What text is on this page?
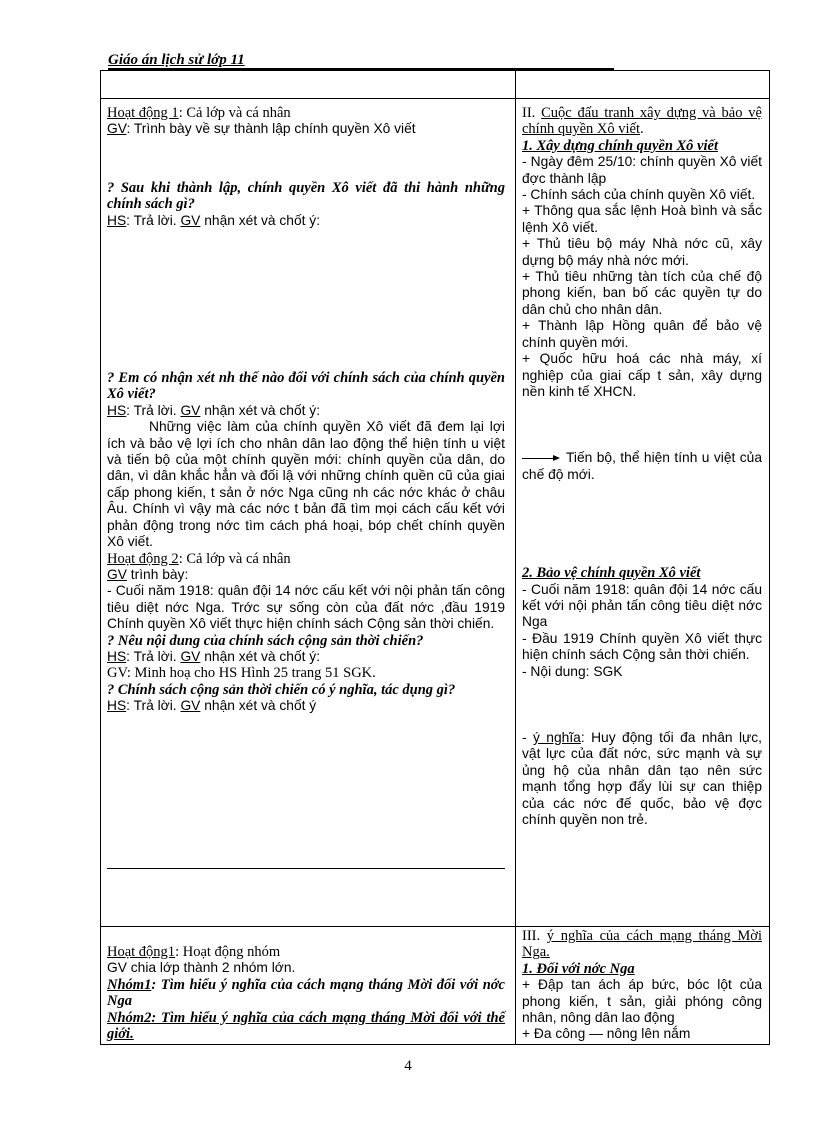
Giáo án lịch sử lớp 11

Hoạt động 1: Cả lớp và cá nhân

GV: Trình bày về sự thành lập chính quyền Xô viết

? Sau khi thành lập, chính quyền Xô viết đã thi hành những chính sách gì?

HS: Trả lời. GV nhận xét và chốt ý:

? Em có nhận xét nh thế nào đối với chính sách của chính quyền Xô viết?

HS: Trả lời. GV nhận xét và chốt ý:

Những việc làm của chính quyền Xô viết đã đem lại lợi ích và bảo vệ lợi ích cho nhân dân lao động thể hiện tính u việt và tiến bộ của một chính quyền mới: chính quyền của dân, do dân, vì dân khắc hẳn và đối lậ với những chính quền cũ của giai cấp phong kiến, t sản ở nớc Nga cũng nh các nớc khác ở châu Âu. Chính vì vậy mà các nớc t bản đã tìm mọi cách cấu kết với phản động trong nớc tìm cách phá hoại, bóp chết chính quyền Xô viết.

Hoạt động 2: Cả lớp và cá nhân

GV trình bày:

- Cuối năm 1918: quân đội 14 nớc cấu kết với nội phản tấn công tiêu diệt nớc Nga. Trớc sự sống còn của đất nớc ,đầu 1919 Chính quyền Xô viết thực hiện chính sách Cộng sản thời chiến.

? Nêu nội dung của chính sách cộng sản thời chiến?

HS: Trả lời. GV nhận xét và chốt ý:

GV: Minh hoạ cho HS Hình 25 trang 51 SGK.

? Chính sách cộng sản thời chiến có ý nghĩa, tác dụng gì?

HS: Trả lời. GV nhận xét và chốt ý

Hoạt động1: Hoạt động nhóm

GV chia lớp thành 2 nhóm lớn.

Nhóm1: Tìm hiểu ý nghĩa của cách mạng tháng Mời đối với nớc Nga

Nhóm2: Tìm hiểu ý nghĩa của cách mạng tháng Mời đối với thế giới.

II. Cuộc đấu tranh xây dựng và bảo vệ chính quyền Xô viết.

1. Xây dựng chính quyền Xô viết

- Ngày đêm 25/10: chính quyền Xô viết đợc thành lập

- Chính sách của chính quyền Xô viết.

+ Thông qua sắc lệnh Hoà bình và sắc lệnh Xô viết.

+ Thủ tiêu bộ máy Nhà nớc cũ, xây dựng bộ máy nhà nớc mới.

+ Thủ tiêu những tàn tích của chế độ phong kiến, ban bố các quyền tự do dân chủ cho nhân dân.

+ Thành lập Hồng quân để bảo vệ chính quyền mới.

+ Quốc hữu hoá các nhà máy, xí nghiệp của giai cấp t sản, xây dựng nền kinh tế XHCN.

Tiến bộ, thể hiện tính u việt của chế độ mới.

2. Bảo vệ chính quyền Xô viết

- Cuối năm 1918: quân đội 14 nớc cấu kết với nội phản tấn công tiêu diệt nớc Nga

- Đầu 1919 Chính quyền Xô viết thực hiện chính sách Cộng sản thời chiến.

- Nội dung: SGK

- ý nghĩa: Huy động tối đa nhân lực, vật lực của đất nớc, sức mạnh và sự ủng hộ của nhân dân tạo nên sức mạnh tổng hợp đẩy lùi sự can thiệp của các nớc đế quốc, bảo vệ đợc chính quyền non trẻ.

III. ý nghĩa của cách mạng tháng Mời Nga.

1. Đối với nớc Nga

+ Đập tan ách áp bức, bóc lột của phong kiến, t sản, giải phóng công nhân, nông dân lao động

+ Đa công — nông lên nắm

4
